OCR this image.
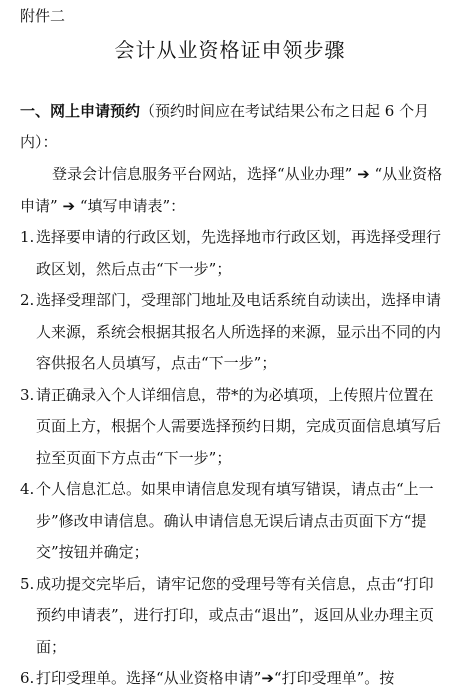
附件二
会计从业资格证申领步骤
一、网上申请预约（预约时间应在考试结果公布之日起 6 个月内）：
登录会计信息服务平台网站，选择“从业办理” ➔ “从业资格申请” ➔ “填写申请表”：
1. 选择要申请的行政区划，先选择地市行政区划，再选择受理行政区划，然后点击“下一步”；
2. 选择受理部门，受理部门地址及电话系统自动读出，选择申请人来源，系统会根据其报名人所选择的来源，显示出不同的内容供报名人员填写，点击“下一步”；
3. 请正确录入个人详细信息，带*的为必填项，上传照片位置在页面上方，根据个人需要选择预约日期，完成页面信息填写后拉至页面下方点击“下一步”；
4. 个人信息汇总。如果申请信息发现有填写错误，请点击“上一步”修改申请信息。确认申请信息无误后请点击页面下方“提交”按钮并确定；
5. 成功提交完毕后，请牢记您的受理号等有关信息，点击“打印预约申请表”，进行打印，或点击“退出”，返回从业办理主页面；
6. 打印受理单。选择“从业资格申请”➔“打印受理单”。按
